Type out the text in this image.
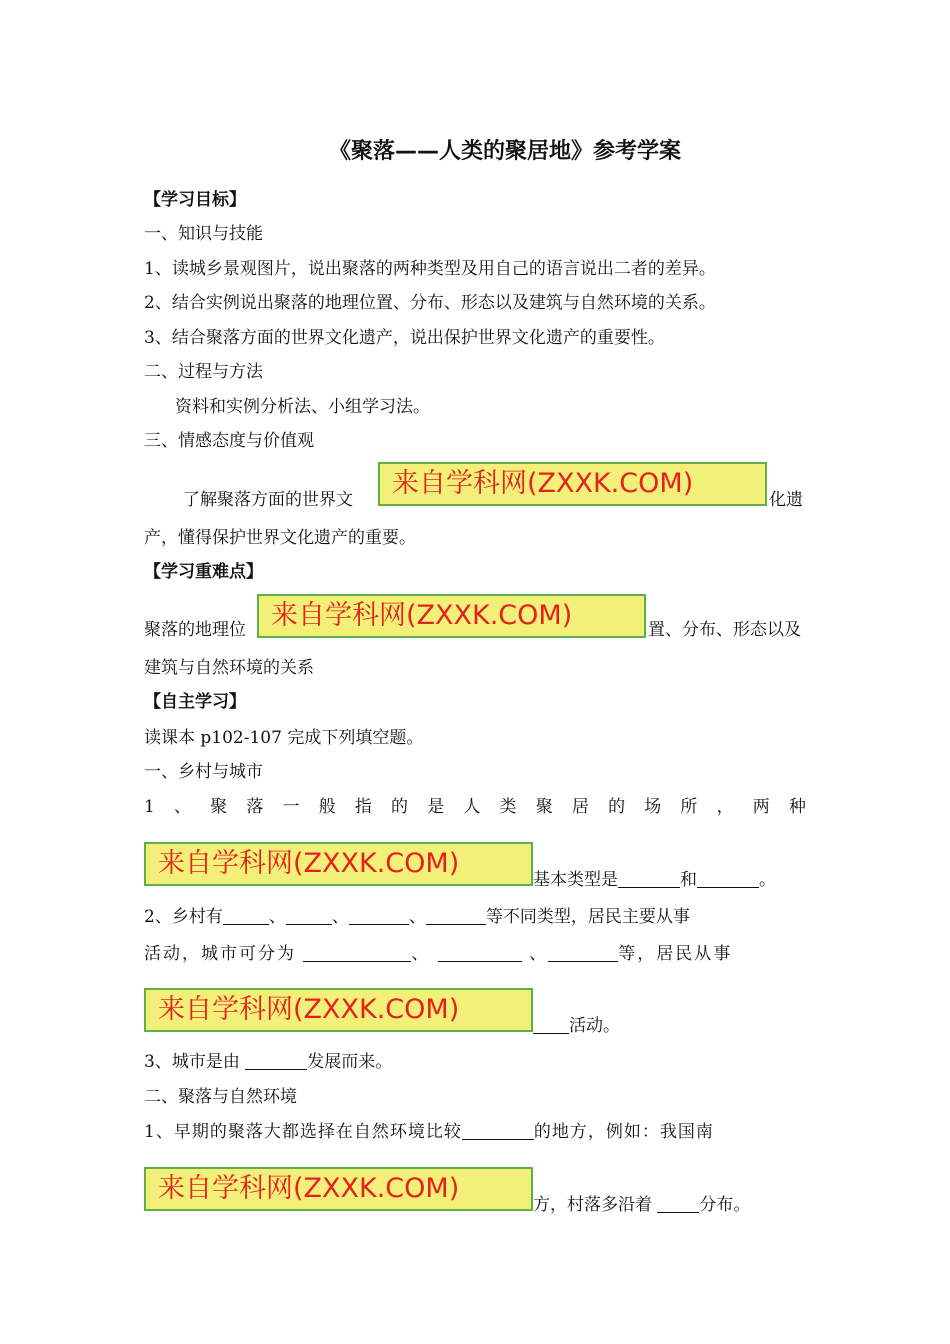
《聚落——人类的聚居地》参考学案
【学习目标】
一、知识与技能
1、读城乡景观图片，说出聚落的两种类型及用自己的语言说出二者的差异。
2、结合实例说出聚落的地理位置、分布、形态以及建筑与自然环境的关系。
3、结合聚落方面的世界文化遗产，说出保护世界文化遗产的重要性。
二、过程与方法
资料和实例分析法、小组学习法。
三、情感态度与价值观
了解聚落方面的世界文
来自学科网(ZXXK.COM)
化遗
产，懂得保护世界文化遗产的重要。
【学习重难点】
聚落的地理位 来自学科网(ZXXK.COM)	置、分布、形态以及
建筑与自然环境的关系
【自主学习】
读课本 p102-107 完成下列填空题。
一、乡村与城市
1 、 聚 落 一 般 指 的 是 人 类 聚 居 的 场 所 ， 两 种
来自学科网(ZXXK.COM)
基本类型是	和	。
2、乡村有	、	、	、	等不同类型，居民主要从事
活动，城市可分为	、	、	等，居民从事
来自学科网(ZXXK.COM)
活动。
3、城市是由	发展而来。
二、聚落与自然环境
1、早期的聚落大都选择在自然环境比较	的地方，例如：我国南
来自学科网(ZXXK.COM)
方，村落多沿着	分布。
